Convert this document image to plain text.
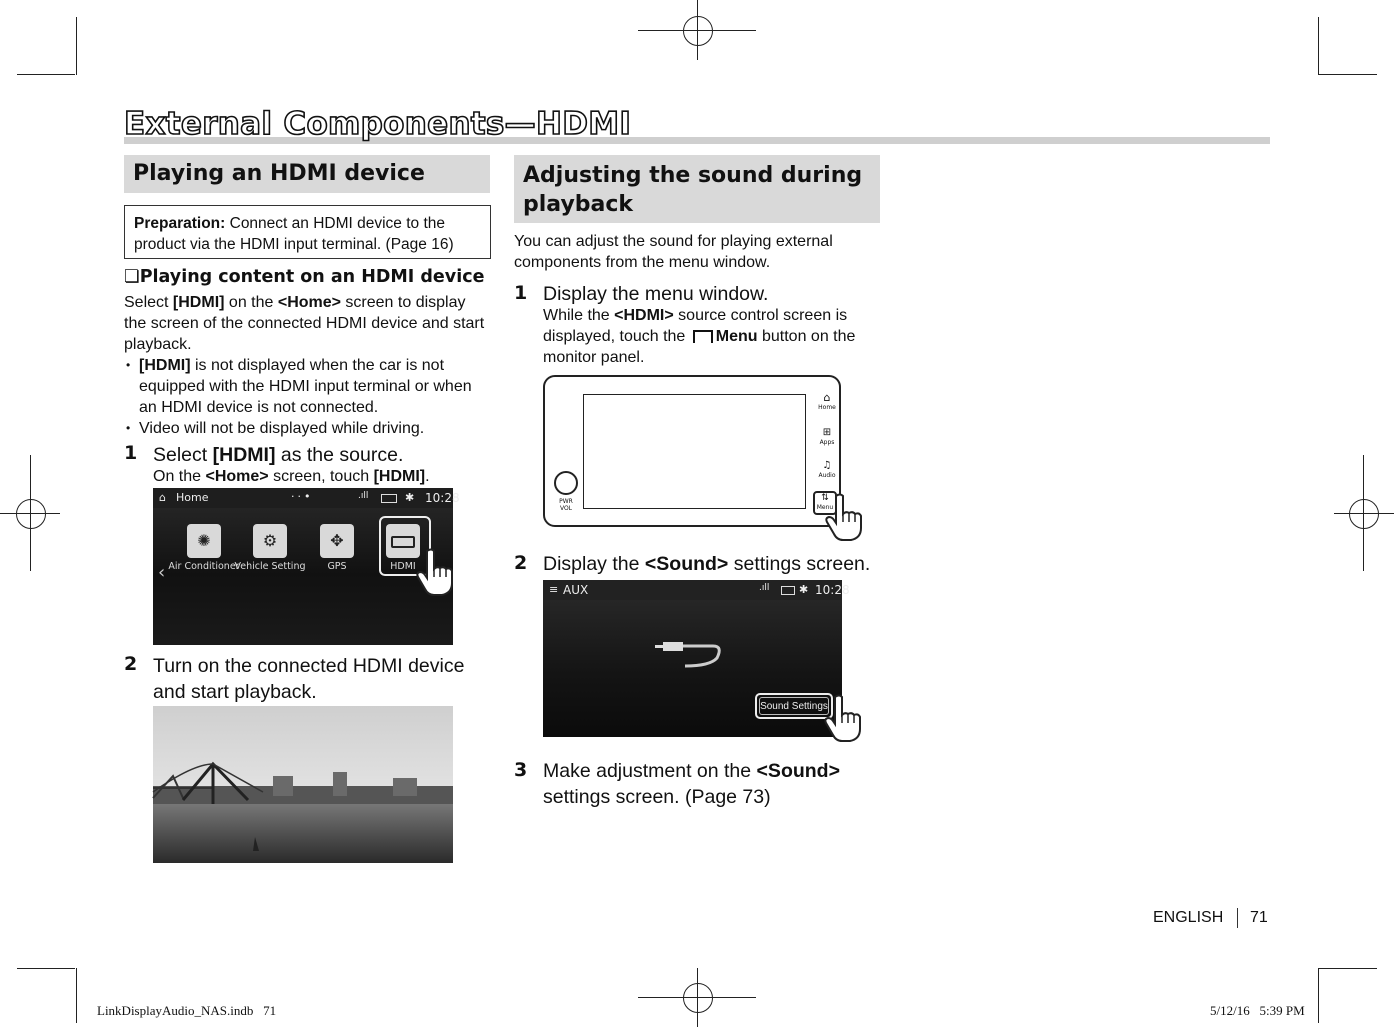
External Components—HDMI
Playing an HDMI device
Preparation: Connect an HDMI device to the product via the HDMI input terminal. (Page 16)
❏Playing content on an HDMI device
Select [HDMI] on the <Home> screen to display the screen of the connected HDMI device and start playback.
• [HDMI] is not displayed when the car is not equipped with the HDMI input terminal or when an HDMI device is not connected.
• Video will not be displayed while driving.
1 Select [HDMI] as the source.
On the <Home> screen, touch [HDMI].
2 Turn on the connected HDMI device and start playback.
⌂ Home	··•	.ıll	✱ 10:28
‹
✺
Air Conditioner
⚙
Vehicle Setting
✥
GPS	HDMI
Adjusting the sound during playback
You can adjust the sound for playing external components from the menu window.
1 Display the menu window.
While the <HDMI> source control screen is displayed, touch the Menu button on the monitor panel.
2 Display the <Sound> settings screen.
3 Make adjustment on the <Sound> settings screen. (Page 73)
PWR VOL
⌂
Home
⊞
Apps
♫
Audio
⇅
Menu
≡ AUX	.ıll	✱ 10:28
Sound Settings
ENGLISH 71
LinkDisplayAudio_NAS.indb   71	5/12/16   5:39 PM
